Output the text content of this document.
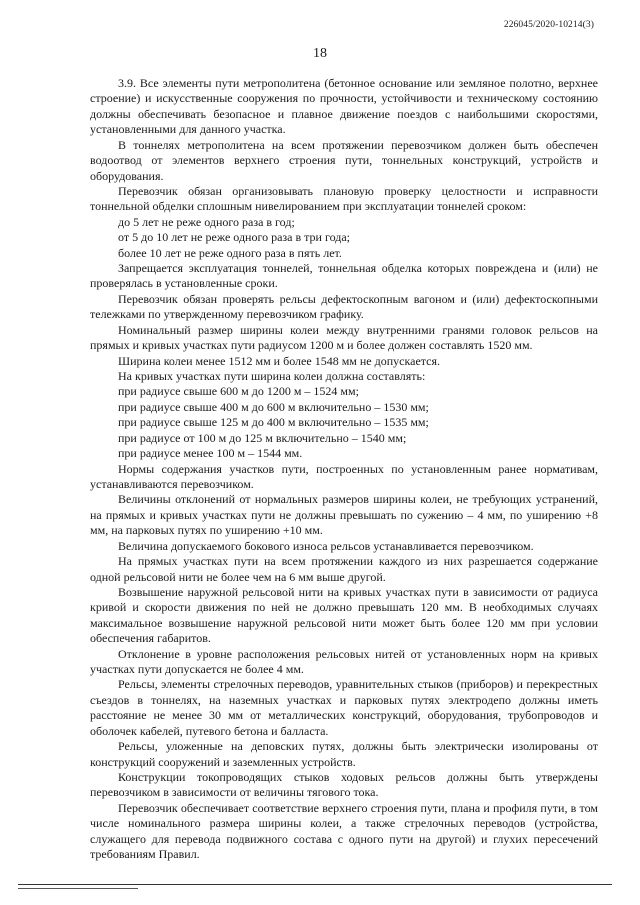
226045/2020-10214(3)
18

3.9. Все элементы пути метрополитена (бетонное основание или земляное полотно, верхнее строение) и искусственные сооружения по прочности, устойчивости и техническому состоянию должны обеспечивать безопасное и плавное движение поездов с наибольшими скоростями, установленными для данного участка.

В тоннелях метрополитена на всем протяжении перевозчиком должен быть обеспечен водоотвод от элементов верхнего строения пути, тоннельных конструкций, устройств и оборудования.

Перевозчик обязан организовывать плановую проверку целостности и исправности тоннельной обделки сплошным нивелированием при эксплуатации тоннелей сроком:

до 5 лет не реже одного раза в год;

от 5 до 10 лет не реже одного раза в три года;

более 10 лет не реже одного раза в пять лет.

Запрещается эксплуатация тоннелей, тоннельная обделка которых повреждена и (или) не проверялась в установленные сроки.

Перевозчик обязан проверять рельсы дефектоскопным вагоном и (или) дефектоскопными тележками по утвержденному перевозчиком графику.

Номинальный размер ширины колеи между внутренними гранями головок рельсов на прямых и кривых участках пути радиусом 1200 м и более должен составлять 1520 мм.

Ширина колеи менее 1512 мм и более 1548 мм не допускается.

На кривых участках пути ширина колеи должна составлять:

при радиусе свыше 600 м до 1200 м – 1524 мм;

при радиусе свыше 400 м до 600 м включительно – 1530 мм;

при радиусе свыше 125 м до 400 м включительно – 1535 мм;

при радиусе от 100 м до 125 м включительно – 1540 мм;

при радиусе менее 100 м – 1544 мм.

Нормы содержания участков пути, построенных по установленным ранее нормативам, устанавливаются перевозчиком.

Величины отклонений от нормальных размеров ширины колеи, не требующих устранений, на прямых и кривых участках пути не должны превышать по сужению – 4 мм, по уширению +8 мм, на парковых путях по уширению +10 мм.

Величина допускаемого бокового износа рельсов устанавливается перевозчиком.

На прямых участках пути на всем протяжении каждого из них разрешается содержание одной рельсовой нити не более чем на 6 мм выше другой.

Возвышение наружной рельсовой нити на кривых участках пути в зависимости от радиуса кривой и скорости движения по ней не должно превышать 120 мм. В необходимых случаях максимальное возвышение наружной рельсовой нити может быть более 120 мм при условии обеспечения габаритов.

Отклонение в уровне расположения рельсовых нитей от установленных норм на кривых участках пути допускается не более 4 мм.

Рельсы, элементы стрелочных переводов, уравнительных стыков (приборов) и перекрестных съездов в тоннелях, на наземных участках и парковых путях электродепо должны иметь расстояние не менее 30 мм от металлических конструкций, оборудования, трубопроводов и оболочек кабелей, путевого бетона и балласта.

Рельсы, уложенные на деповских путях, должны быть электрически изолированы от конструкций сооружений и заземленных устройств.

Конструкции токопроводящих стыков ходовых рельсов должны быть утверждены перевозчиком в зависимости от величины тягового тока.

Перевозчик обеспечивает соответствие верхнего строения пути, плана и профиля пути, в том числе номинального размера ширины колеи, а также стрелочных переводов (устройства, служащего для перевода подвижного состава с одного пути на другой) и глухих пересечений требованиям Правил.
